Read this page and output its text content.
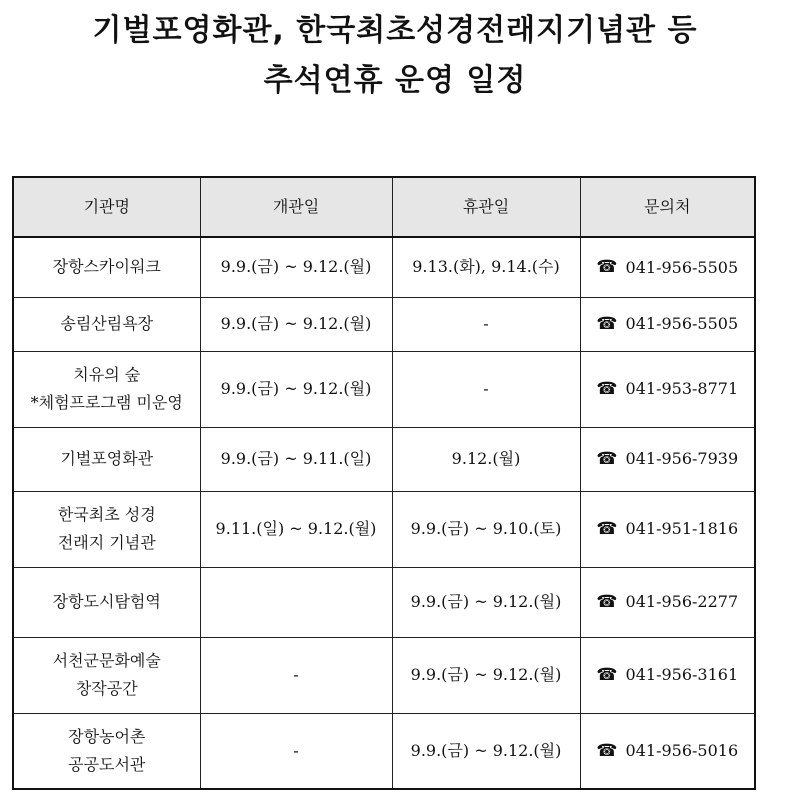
기벌포영화관, 한국최초성경전래지기념관 등
추석연휴 운영 일정
기관명	개관일	휴관일	문의처

장항스카이워크	9.9.(금) ~ 9.12.(월)	9.13.(화), 9.14.(수)	☎ 041-956-5505

송림산림욕장	9.9.(금) ~ 9.12.(월)	-	☎ 041-956-5505

치유의 숲
*체험프로그램 미운영	9.9.(금) ~ 9.12.(월)	-	☎ 041-953-8771

기벌포영화관	9.9.(금) ~ 9.11.(일)	9.12.(월)	☎ 041-956-7939

한국최초 성경
전래지 기념관	9.11.(일) ~ 9.12.(월)	9.9.(금) ~ 9.10.(토)	☎ 041-951-1816

장항도시탐험역		9.9.(금) ~ 9.12.(월)	☎ 041-956-2277

서천군문화예술
창작공간	-	9.9.(금) ~ 9.12.(월)	☎ 041-956-3161

장항농어촌
공공도서관	-	9.9.(금) ~ 9.12.(월)	☎ 041-956-5016
